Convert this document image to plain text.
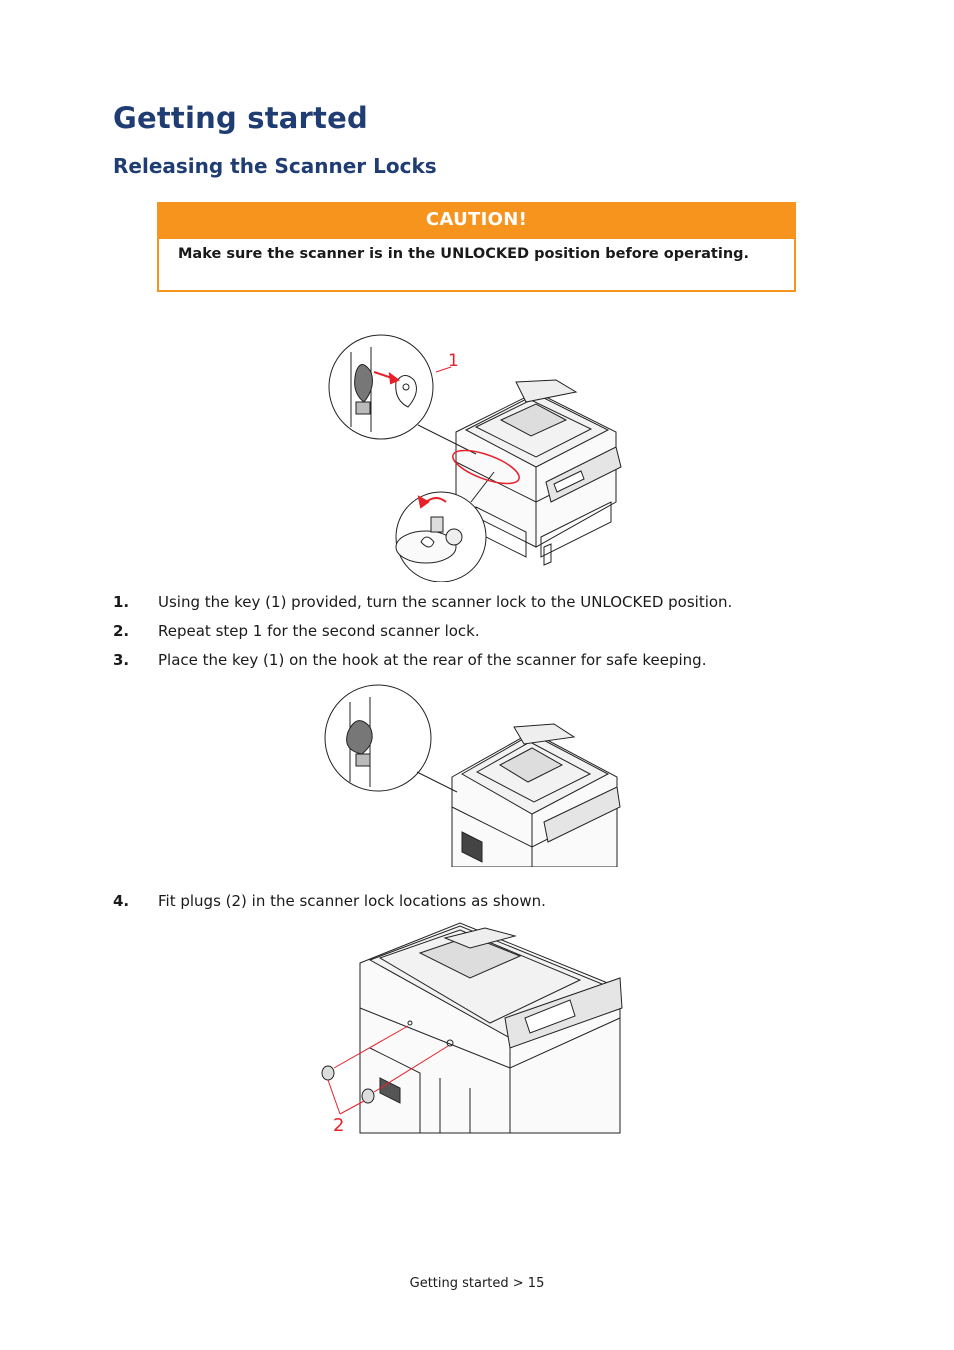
Getting started
Releasing the Scanner Locks
CAUTION!
Make sure the scanner is in the UNLOCKED position before operating.
1
1.	Using the key (1) provided, turn the scanner lock to the UNLOCKED position.
2.	Repeat step 1 for the second scanner lock.
3.	Place the key (1) on the hook at the rear of the scanner for safe keeping.
4.	Fit plugs (2) in the scanner lock locations as shown.
2
Getting started > 15
